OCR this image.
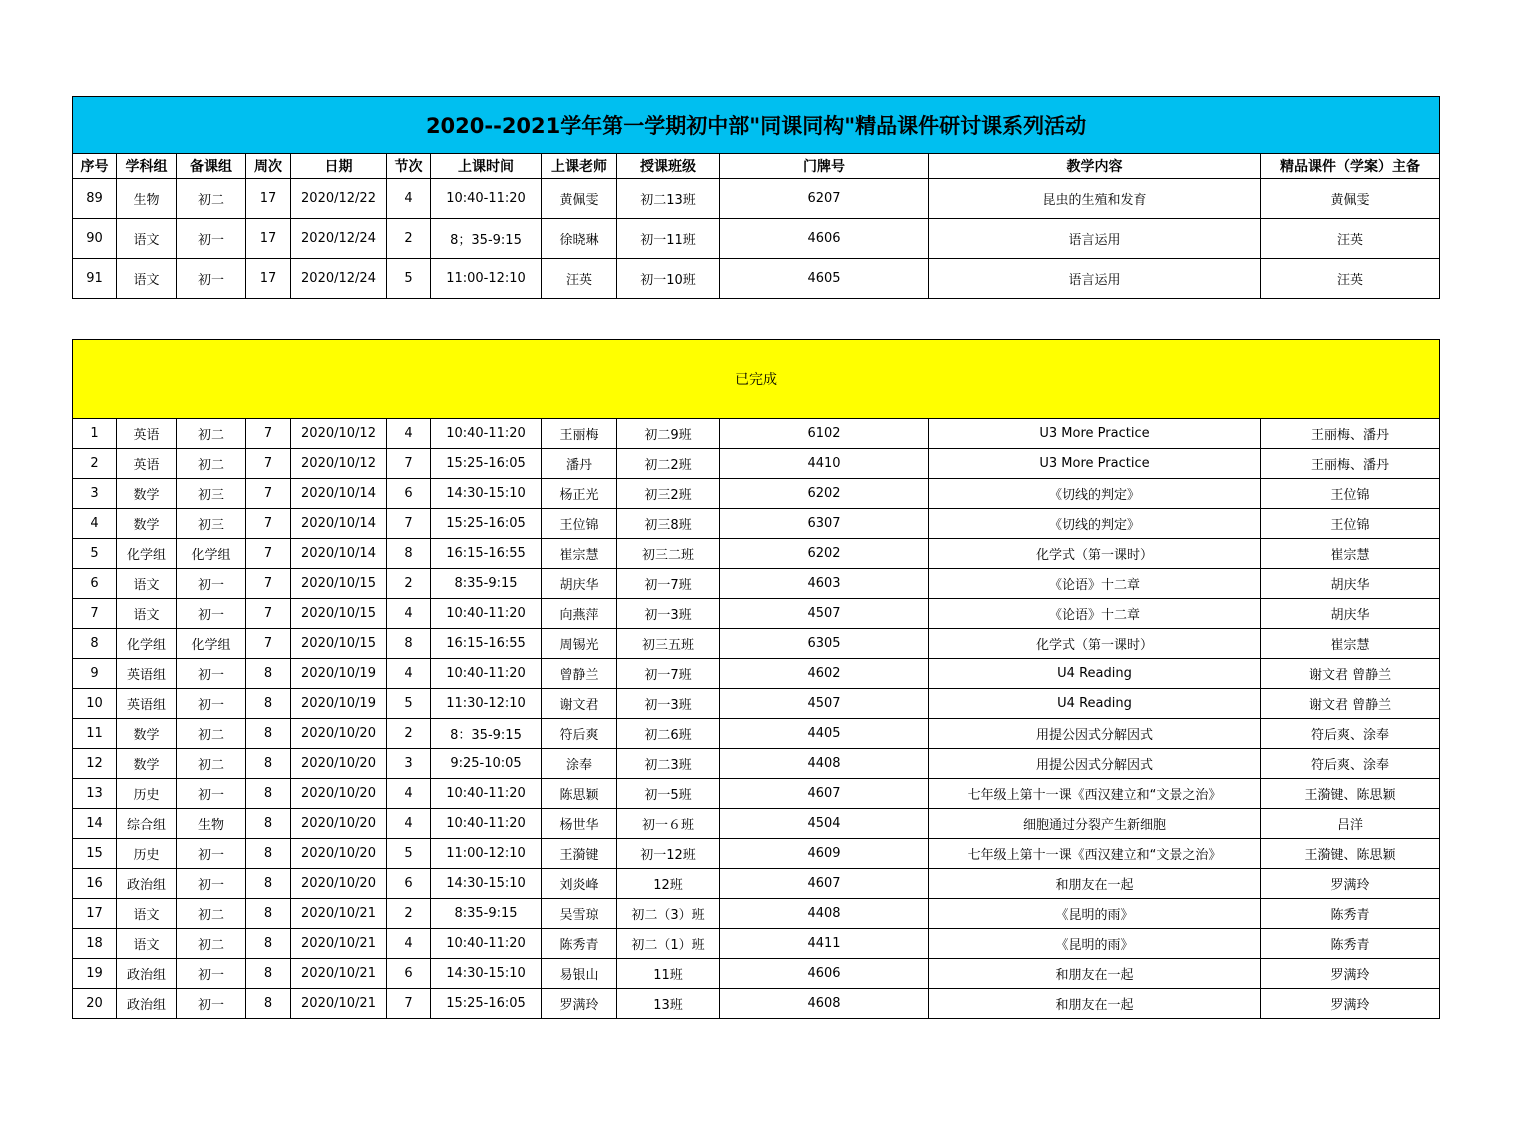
2020--2021学年第一学期初中部"同课同构"精品课件研讨课系列活动											
序号	学科组	备课组	周次	日期	节次	上课时间	上课老师	授课班级	门牌号	教学内容	精品课件（学案）主备
89	生物	初二	17	2020/12/22	4	10:40-11:20	黄佩雯	初二13班	6207	昆虫的生殖和发育	黄佩雯
90	语文	初一	17	2020/12/24	2	8；35-9:15	徐晓琳	初一11班	4606	语言运用	汪英
91	语文	初一	17	2020/12/24	5	11:00-12:10	汪英	初一10班	4605	语言运用	汪英
已完成											
1	英语	初二	7	2020/10/12	4	10:40-11:20	王丽梅	初二9班	6102	U3 More Practice	王丽梅、潘丹
2	英语	初二	7	2020/10/12	7	15:25-16:05	潘丹	初二2班	4410	U3 More Practice	王丽梅、潘丹
3	数学	初三	7	2020/10/14	6	14:30-15:10	杨正光	初三2班	6202	《切线的判定》	王位锦
4	数学	初三	7	2020/10/14	7	15:25-16:05	王位锦	初三8班	6307	《切线的判定》	王位锦
5	化学组	化学组	7	2020/10/14	8	16:15-16:55	崔宗慧	初三二班	6202	化学式（第一课时）	崔宗慧
6	语文	初一	7	2020/10/15	2	8:35-9:15	胡庆华	初一7班	4603	《论语》十二章	胡庆华
7	语文	初一	7	2020/10/15	4	10:40-11:20	向燕萍	初一3班	4507	《论语》十二章	胡庆华
8	化学组	化学组	7	2020/10/15	8	16:15-16:55	周锡光	初三五班	6305	化学式（第一课时）	崔宗慧
9	英语组	初一	8	2020/10/19	4	10:40-11:20	曾静兰	初一7班	4602	U4 Reading	谢文君 曾静兰
10	英语组	初一	8	2020/10/19	5	11:30-12:10	谢文君	初一3班	4507	U4 Reading	谢文君 曾静兰
11	数学	初二	8	2020/10/20	2	8：35-9:15	符后爽	初二6班	4405	用提公因式分解因式	符后爽、涂奉
12	数学	初二	8	2020/10/20	3	9:25-10:05	涂奉	初二3班	4408	用提公因式分解因式	符后爽、涂奉
13	历史	初一	8	2020/10/20	4	10:40-11:20	陈思颖	初一5班	4607	七年级上第十一课《西汉建立和“文景之治》	王漪键、陈思颖
14	综合组	生物	8	2020/10/20	4	10:40-11:20	杨世华	初一６班	4504	细胞通过分裂产生新细胞	吕洋
15	历史	初一	8	2020/10/20	5	11:00-12:10	王漪键	初一12班	4609	七年级上第十一课《西汉建立和“文景之治》	王漪键、陈思颖
16	政治组	初一	8	2020/10/20	6	14:30-15:10	刘炎峰	12班	4607	和朋友在一起	罗满玲
17	语文	初二	8	2020/10/21	2	8:35-9:15	吴雪琼	初二（3）班	4408	《昆明的雨》	陈秀青
18	语文	初二	8	2020/10/21	4	10:40-11:20	陈秀青	初二（1）班	4411	《昆明的雨》	陈秀青
19	政治组	初一	8	2020/10/21	6	14:30-15:10	易银山	11班	4606	和朋友在一起	罗满玲
20	政治组	初一	8	2020/10/21	7	15:25-16:05	罗满玲	13班	4608	和朋友在一起	罗满玲
